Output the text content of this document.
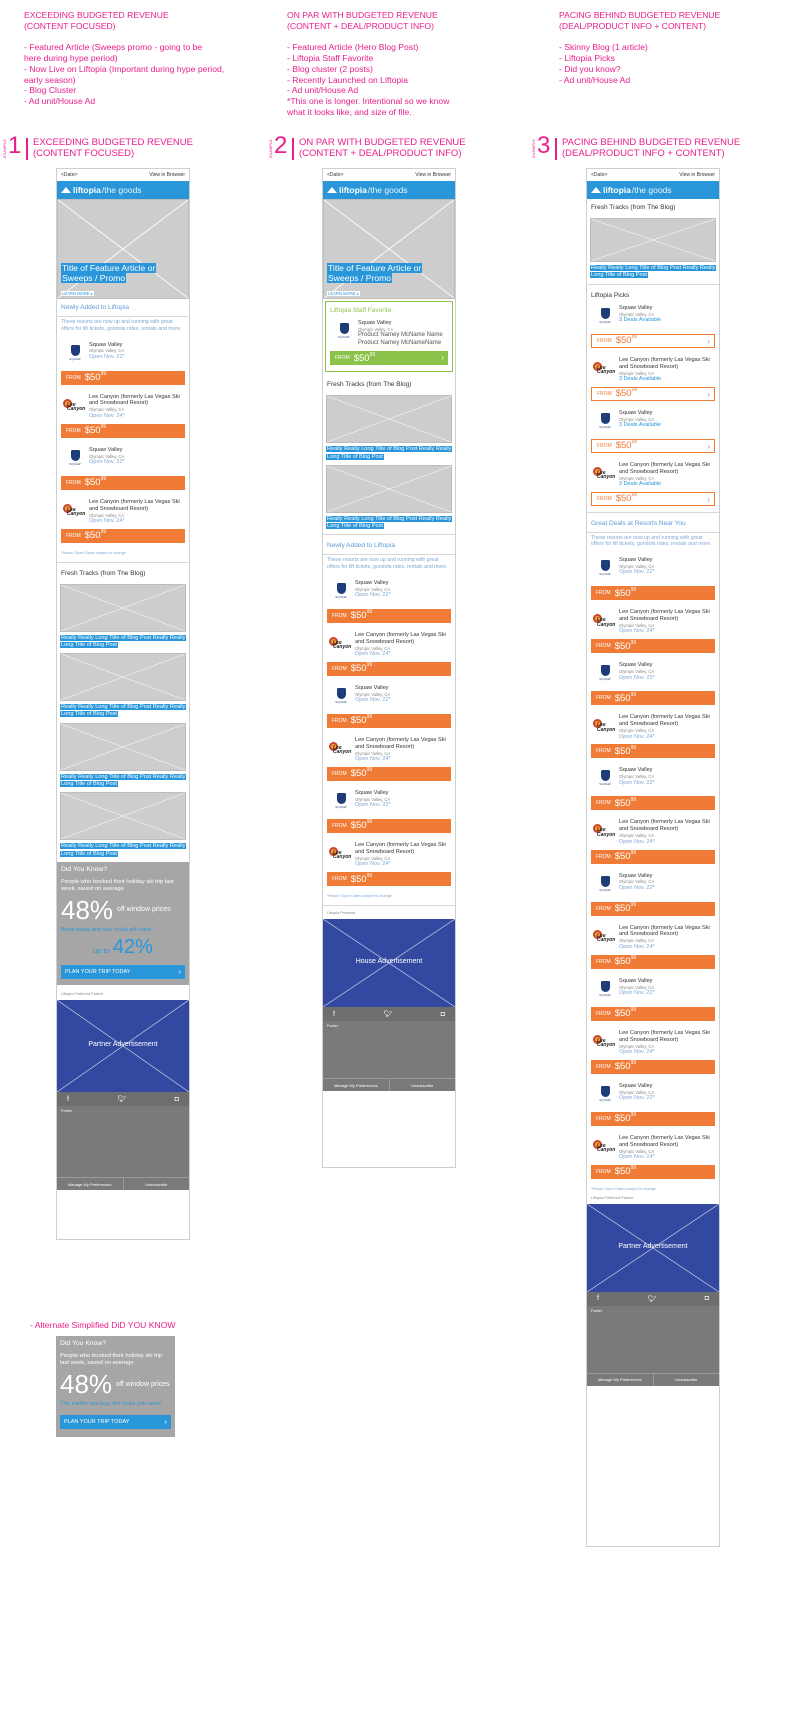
EXCEEDING BUDGETED REVENUE
(CONTENT FOCUSED)
- Featured Article (Sweeps promo - going to be
here during hype period)
- Now Live on Liftopia (Important during hype period,
early season)
- Blog Cluster
- Ad unit/House Ad
ON PAR WITH BUDGETED REVENUE
(CONTENT + DEAL/PRODUCT INFO)
- Featured Article (Hero Blog Post)
- Liftopia Staff Favorite
- Blog cluster (2 posts)
- Recently Launched on Liftopia
- Ad unit/House Ad
*This one is longer. Intentional so we know
what it looks like, and size of file.
PACING BEHIND BUDGETED REVENUE
(DEAL/PRODUCT INFO + CONTENT)
- Skinny Blog (1 article)
- Liftopia Picks
- Did you know?
- Ad unit/House Ad
EXAMPLE 1 EXCEEDING BUDGETED REVENUE
(CONTENT FOCUSED)	EXAMPLE 2 ON PAR WITH BUDGETED REVENUE
(CONTENT + DEAL/PRODUCT INFO)	EXAMPLE 3 PACING BEHIND BUDGETED REVENUE
(DEAL/PRODUCT INFO + CONTENT)
<Date>	View in Browser
liftopia /the goods
Title of Feature Article or Sweeps / Promo
LEARN MORE ▸
Newly Added to Liftopia
These resorts are now up and running with great offers for lift tickets, gondola rides, rentals and more.
SQUAW
Squaw Valley
Olympic Valley, CA
Open Nov. 22*
FROM $\$50^{99}$
Lee Canyon
Lee Canyon (formerly Las Vegas Ski and Snowboard Resort)
Olympic Valley, CA
Open Nov. 24*
FROM $\$50^{99}$
SQUAW
Squaw Valley
Olympic Valley, CA
Open Nov. 22*
FROM $\$50^{99}$
Lee Canyon
Lee Canyon (formerly Las Vegas Ski and Snowboard Resort)
Olympic Valley, CA
Open Nov. 24*
FROM $\$50^{99}$
*Resort Open Dates subject to change
Fresh Tracks (from The Blog)
Really Really Long Title of Blog Post Really Really Long Title of Blog Post
Really Really Long Title of Blog Post Really Really Long Title of Blog Post
Really Really Long Title of Blog Post Really Really Long Title of Blog Post
Really Really Long Title of Blog Post Really Really Long Title of Blog Post
Did You Know?
People who booked their holiday ski trip last week, saved on average
48% off window prices
Book today and you could still save
up to 42%
PLAN YOUR TRIP TODAY	›
Liftopia Preferred Partner
Partner Advertisement
f	🐦︎	◘
Footer
Manage My Preferences	Unsubscribe
<Date>	View in Browser
liftopia /the goods
Title of Feature Article or Sweeps / Promo
LEARN MORE ▸
Liftopia Staff Favorite
SQUAW
Squaw Valley
Olympic Valley, CA
Product Namey McName Name Product Namey McNameName
FROM $\$50^{99}$	›
Fresh Tracks (from The Blog)
Really Really Long Title of Blog Post Really Really Long Title of Blog Post
Really Really Long Title of Blog Post Really Really Long Title of Blog Post
Newly Added to Liftopia
These resorts are now up and running with great offers for lift tickets, gondola rides, rentals and more.
SQUAW
Squaw Valley
Olympic Valley, CA
Open Nov. 22*
FROM $\$50^{99}$
Lee Canyon
Lee Canyon (formerly Las Vegas Ski and Snowboard Resort)
Olympic Valley, CA
Open Nov. 24*
FROM $\$50^{99}$
SQUAW
Squaw Valley
Olympic Valley, CA
Open Nov. 22*
FROM $\$50^{99}$
Lee Canyon
Lee Canyon (formerly Las Vegas Ski and Snowboard Resort)
Olympic Valley, CA
Open Nov. 24*
FROM $\$50^{99}$
SQUAW
Squaw Valley
Olympic Valley, CA
Open Nov. 22*
FROM $\$50^{99}$
Lee Canyon
Lee Canyon (formerly Las Vegas Ski and Snowboard Resort)
Olympic Valley, CA
Open Nov. 24*
FROM $\$50^{99}$
*Resort Open Dates subject to change
Liftopia Presents
House Advertisement
f	🐦︎	◘
Footer
Manage My Preferences	Unsubscribe
<Date>	View in Browser
liftopia /the goods
Fresh Tracks (from The Blog)
Really Really Long Title of Blog Post Really Really Long Title of Blog Post
Liftopia Picks
SQUAW
Squaw Valley
Olympic Valley, CA
3 Deals Available
FROM $\$50^{99}$	›
Lee Canyon
Lee Canyon (formerly Las Vegas Ski and Snowboard Resort)
Olympic Valley, CA
3 Deals Available
FROM $\$50^{99}$	›
SQUAW
Squaw Valley
Olympic Valley, CA
3 Deals Available
FROM $\$50^{99}$	›
Lee Canyon
Lee Canyon (formerly Las Vegas Ski and Snowboard Resort)
Olympic Valley, CA
3 Deals Available
FROM $\$50^{99}$	›
Great Deals at Resorts Near You
These resorts are now up and running with great offers for lift tickets, gondola rides, rentals and more.
SQUAW
Squaw Valley
Olympic Valley, CA
Open Nov. 22*
FROM $\$50^{99}$
Lee Canyon
Lee Canyon (formerly Las Vegas Ski and Snowboard Resort)
Olympic Valley, CA
Open Nov. 24*
FROM $\$50^{99}$
SQUAW
Squaw Valley
Olympic Valley, CA
Open Nov. 22*
FROM $\$50^{99}$
Lee Canyon
Lee Canyon (formerly Las Vegas Ski and Snowboard Resort)
Olympic Valley, CA
Open Nov. 24*
FROM $\$50^{99}$
SQUAW
Squaw Valley
Olympic Valley, CA
Open Nov. 22*
FROM $\$50^{99}$
Lee Canyon
Lee Canyon (formerly Las Vegas Ski and Snowboard Resort)
Olympic Valley, CA
Open Nov. 24*
FROM $\$50^{99}$
SQUAW
Squaw Valley
Olympic Valley, CA
Open Nov. 22*
FROM $\$50^{99}$
Lee Canyon
Lee Canyon (formerly Las Vegas Ski and Snowboard Resort)
Olympic Valley, CA
Open Nov. 24*
FROM $\$50^{99}$
SQUAW
Squaw Valley
Olympic Valley, CA
Open Nov. 22*
FROM $\$50^{99}$
Lee Canyon
Lee Canyon (formerly Las Vegas Ski and Snowboard Resort)
Olympic Valley, CA
Open Nov. 24*
FROM $\$50^{99}$
SQUAW
Squaw Valley
Olympic Valley, CA
Open Nov. 22*
FROM $\$50^{99}$
Lee Canyon
Lee Canyon (formerly Las Vegas Ski and Snowboard Resort)
Olympic Valley, CA
Open Nov. 24*
FROM $\$50^{99}$
*Resort Open Dates subject to change
Liftopia Preferred Partner
Partner Advertisement
f	🐦︎	◘
Footer
Manage My Preferences	Unsubscribe
- Alternate Simplified DiD YOU KNOW
Did You Know?
People who booked their holiday ski trip last week, saved on average
48% off window prices
The earlier you buy, the more you save!
PLAN YOUR TRIP TODAY	›
